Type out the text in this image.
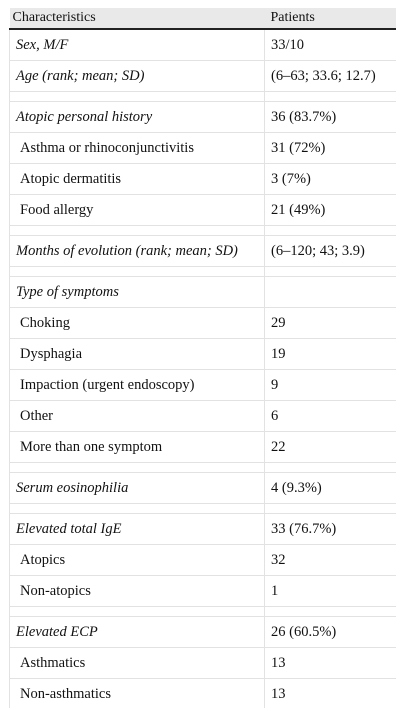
Characteristics	Patients
Sex, M/F	33/10
Age (rank; mean; SD)	(6–63; 33.6; 12.7)

Atopic personal history	36 (83.7%)
Asthma or rhinoconjunctivitis	31 (72%)
Atopic dermatitis	3 (7%)
Food allergy	21 (49%)

Months of evolution (rank; mean; SD)	(6–120; 43; 3.9)

Type of symptoms	
Choking	29
Dysphagia	19
Impaction (urgent endoscopy)	9
Other	6
More than one symptom	22

Serum eosinophilia	4 (9.3%)

Elevated total IgE	33 (76.7%)
Atopics	32
Non-atopics	1

Elevated ECP	26 (60.5%)
Asthmatics	13
Non-asthmatics	13
